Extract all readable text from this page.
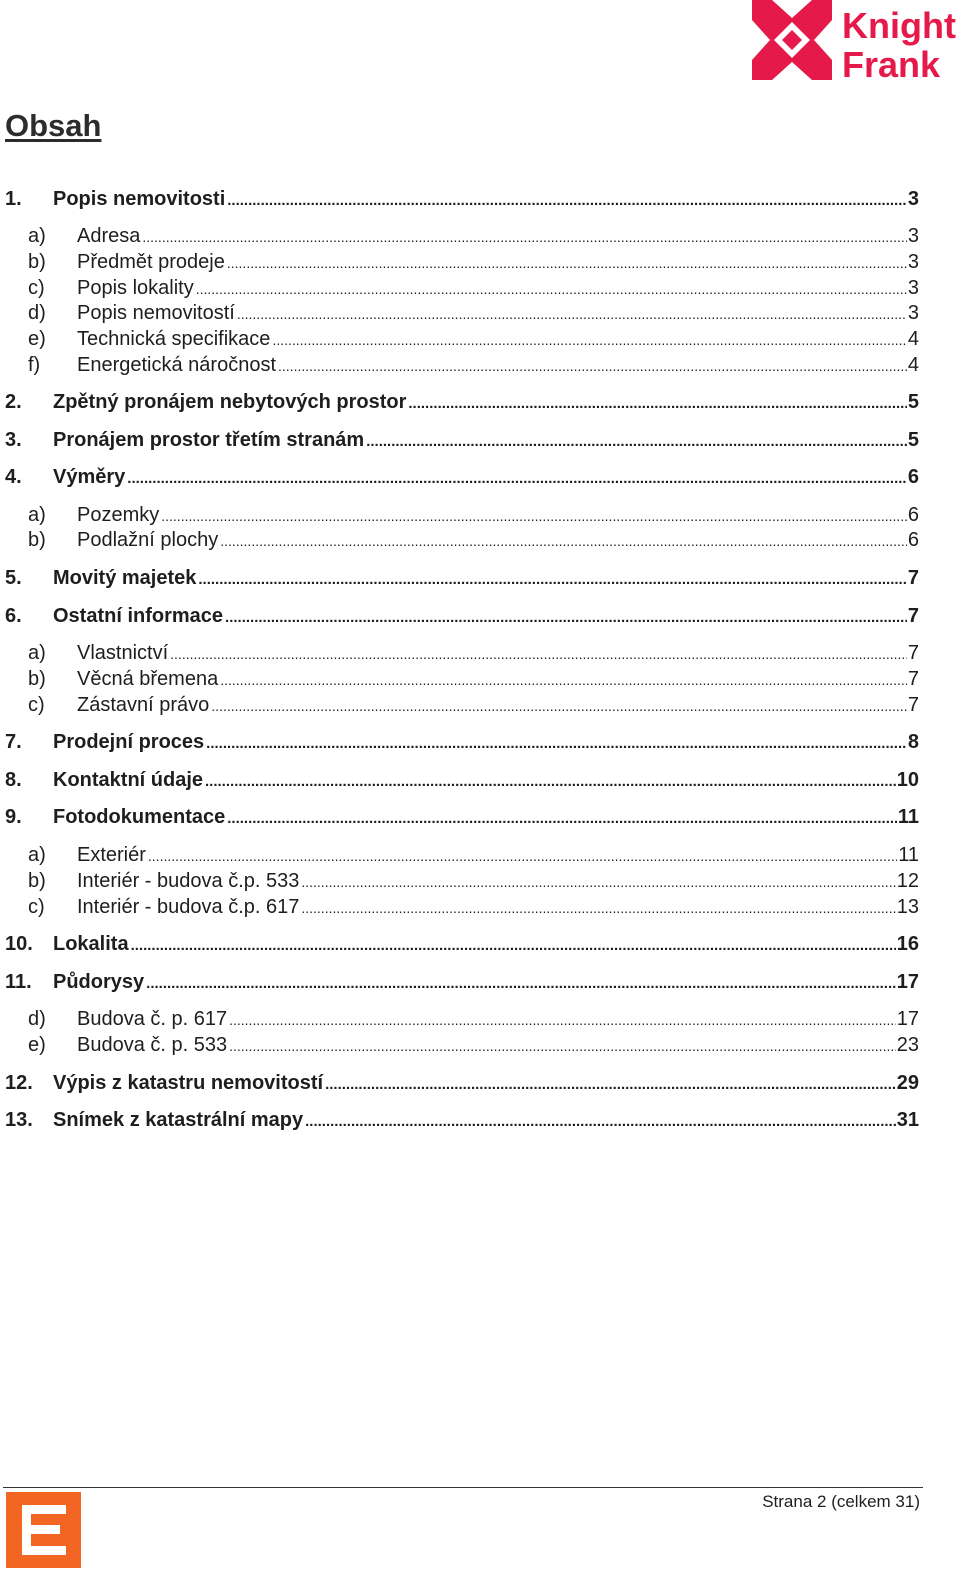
Knight
Frank
Obsah
1.	Popis nemovitosti .....	3
a)	Adresa .....	3
b)	Předmět prodeje .....	3
c)	Popis lokality .....	3
d)	Popis nemovitostí .....	3
e)	Technická specifikace .....	4
f)	Energetická náročnost .....	4
2.	Zpětný pronájem nebytových prostor .....	5
3.	Pronájem prostor třetím stranám .....	5
4.	Výměry .....	6
a)	Pozemky .....	6
b)	Podlažní plochy .....	6
5.	Movitý majetek .....	7
6.	Ostatní informace .....	7
a)	Vlastnictví .....	7
b)	Věcná břemena .....	7
c)	Zástavní právo .....	7
7.	Prodejní proces .....	8
8.	Kontaktní údaje .....	10
9.	Fotodokumentace .....	11
a)	Exteriér .....	11
b)	Interiér - budova č.p. 533 .....	12
c)	Interiér - budova č.p. 617 .....	13
10.	Lokalita .....	16
11.	Půdorysy .....	17
d)	Budova č. p. 617 .....	17
e)	Budova č. p. 533 .....	23
12.	Výpis z katastru nemovitostí .....	29
13.	Snímek z katastrální mapy .....	31
Strana 2 (celkem 31)
